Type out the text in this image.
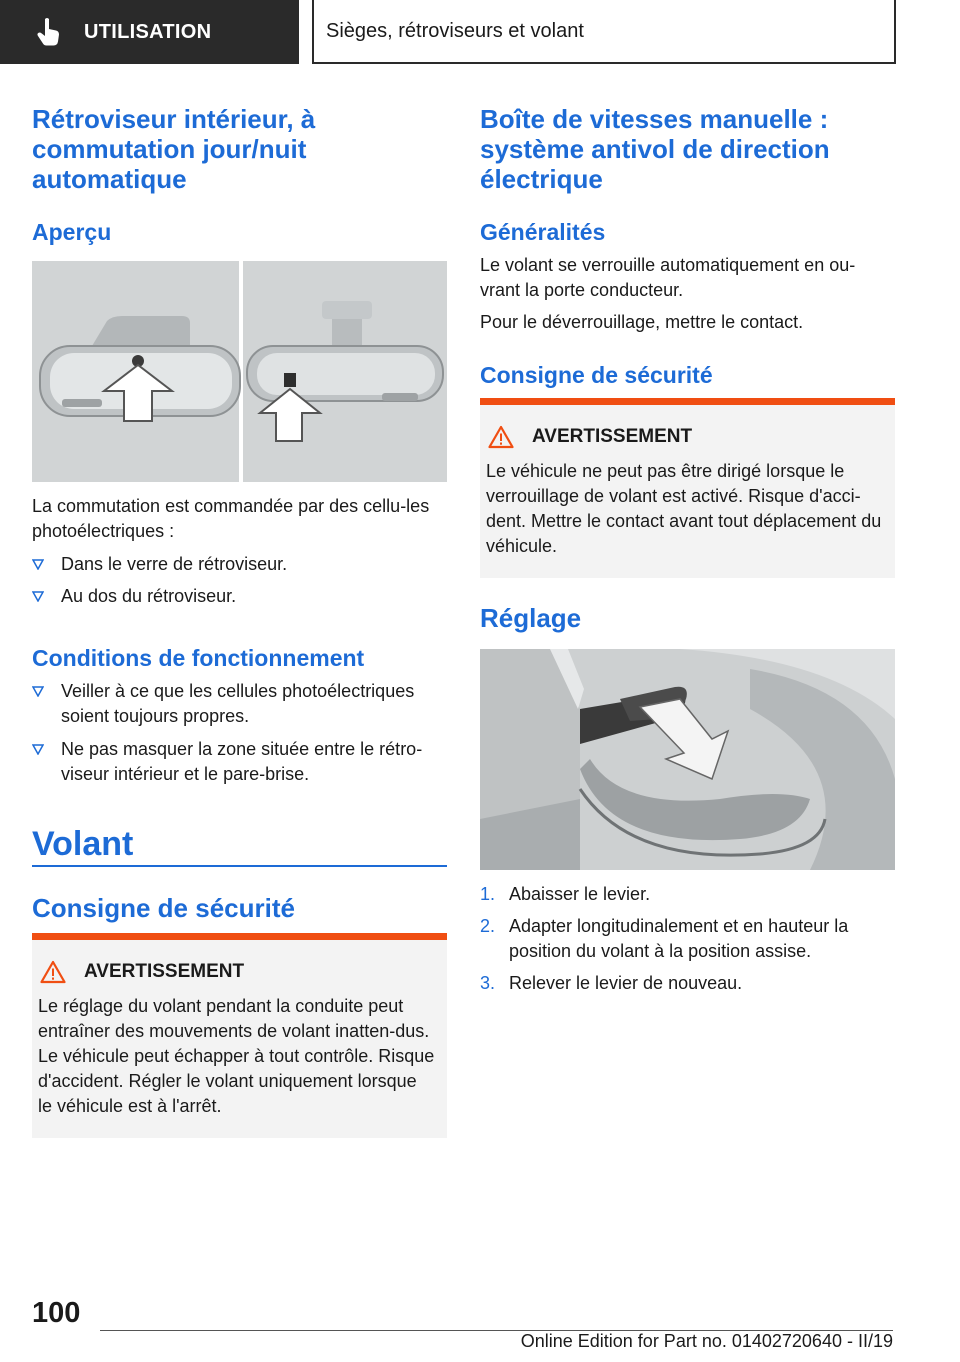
UTILISATION	Sièges, rétroviseurs et volant
Rétroviseur intérieur, à commutation jour/nuit automatique
Aperçu
La commutation est commandée par des cellu-les photoélectriques :
Dans le verre de rétroviseur.
Au dos du rétroviseur.
Conditions de fonctionnement
Veiller à ce que les cellules photoélectriques soient toujours propres.
Ne pas masquer la zone située entre le rétro-viseur intérieur et le pare-brise.
Volant
Consigne de sécurité
AVERTISSEMENT
Le réglage du volant pendant la conduite peut entraîner des mouvements de volant inatten-dus. Le véhicule peut échapper à tout contrôle. Risque d'accident. Régler le volant uniquement lorsque le véhicule est à l'arrêt.
Boîte de vitesses manuelle : système antivol de direction électrique
Généralités
Le volant se verrouille automatiquement en ou-vrant la porte conducteur.
Pour le déverrouillage, mettre le contact.
Consigne de sécurité
AVERTISSEMENT
Le véhicule ne peut pas être dirigé lorsque le verrouillage de volant est activé. Risque d'acci-dent. Mettre le contact avant tout déplacement du véhicule.
Réglage
1. Abaisser le levier.
2. Adapter longitudinalement et en hauteur la position du volant à la position assise.
3. Relever le levier de nouveau.
100
Online Edition for Part no. 01402720640 - II/19
